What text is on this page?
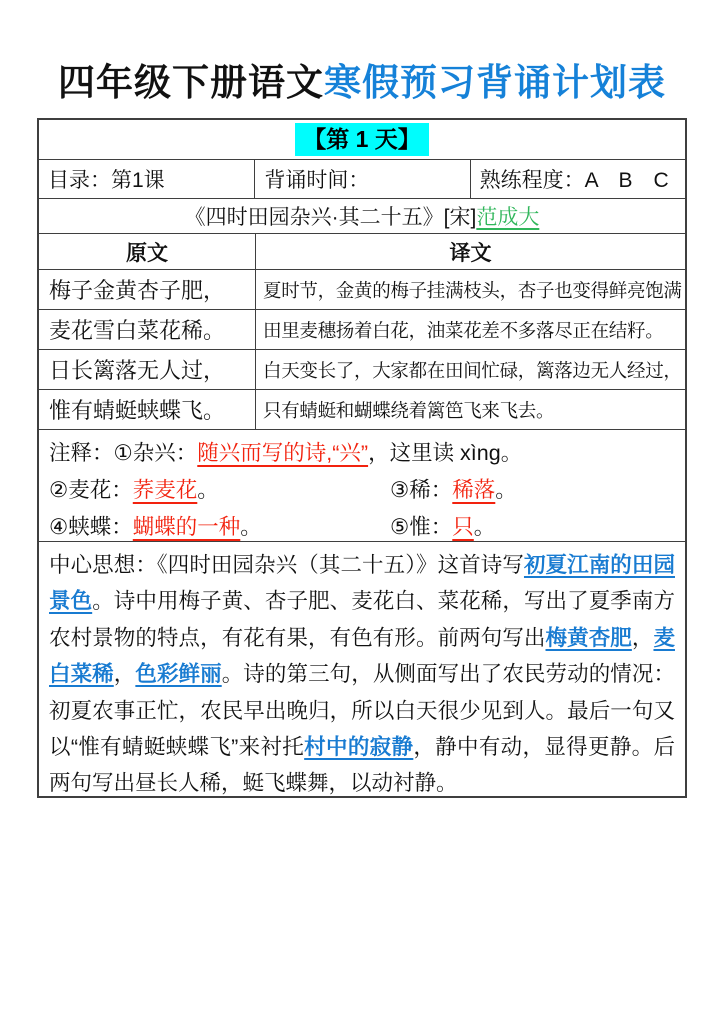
四年级下册语文寒假预习背诵计划表
【第 1 天】
目录：第1课	背诵时间：	熟练程度：A　B　C
《四时田园杂兴·其二十五》[宋] 范成大
原文	译文
梅子金黄杏子肥，	夏时节，金黄的梅子挂满枝头，杏子也变得鲜亮饱满
麦花雪白菜花稀。	田里麦穗扬着白花，油菜花差不多落尽正在结籽。
日长篱落无人过，	白天变长了，大家都在田间忙碌，篱落边无人经过，
惟有蜻蜓蛱蝶飞。	只有蜻蜓和蝴蝶绕着篱笆飞来飞去。
注释：①杂兴：随兴而写的诗,“兴”，这里读 xìng。
②麦花：荞麦花。	③稀：稀落。
④蛱蝶：蝴蝶的一种。	⑤惟：只。

中心思想：《四时田园杂兴（其二十五）》这首诗写初夏江南的田园景色。诗中用梅子黄、杏子肥、麦花白、菜花稀，写出了夏季南方农村景物的特点，有花有果，有色有形。前两句写出梅黄杏肥，麦白菜稀，色彩鲜丽。诗的第三句，从侧面写出了农民劳动的情况：初夏农事正忙，农民早出晚归，所以白天很少见到人。最后一句又以“惟有蜻蜓蛱蝶飞”来衬托村中的寂静，静中有动，显得更静。后两句写出昼长人稀，蜓飞蝶舞，以动衬静。
